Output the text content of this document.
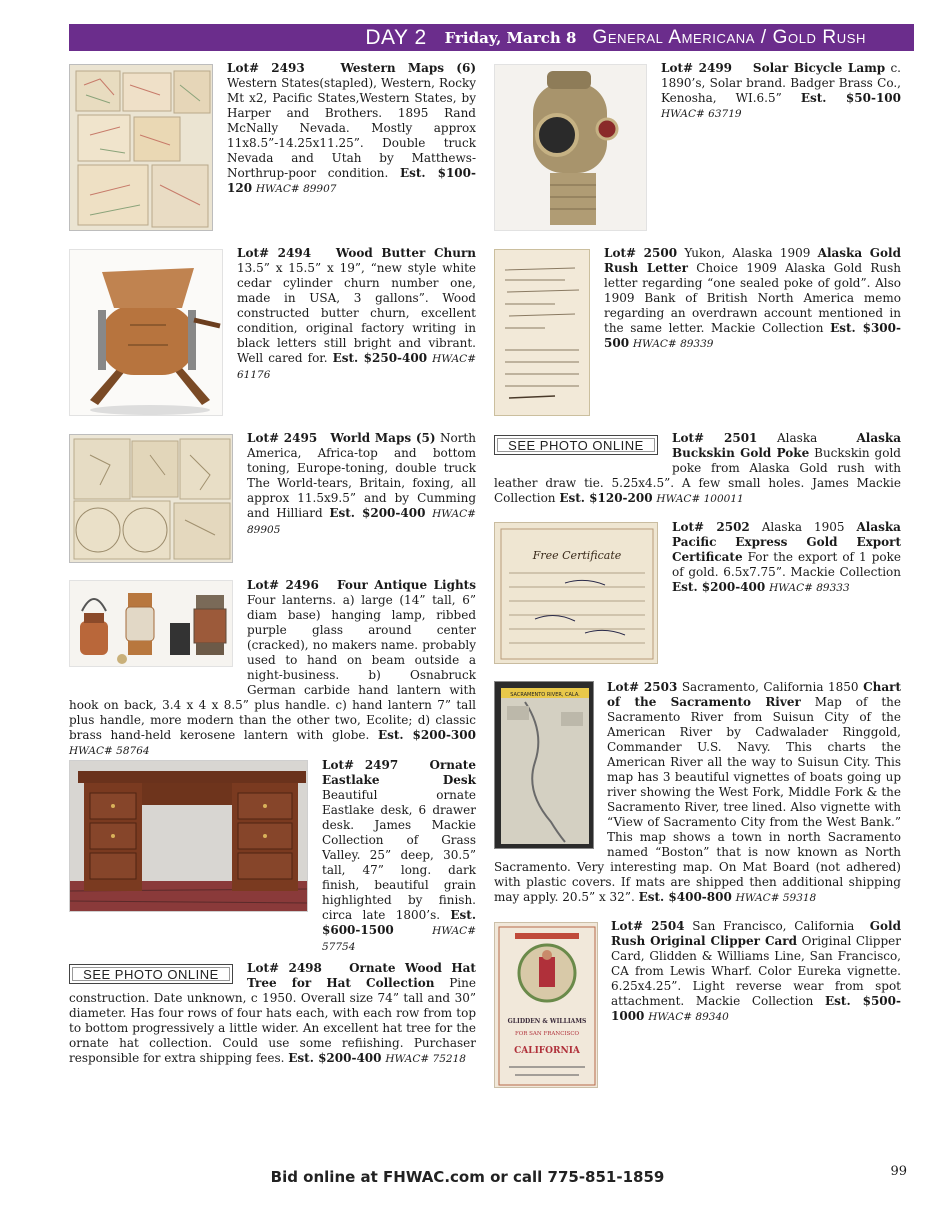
DAY 2 Friday, March 8 General Americana / Gold Rush
Lot# 2493	Western Maps (6) Western States(stapled), Western, Rocky Mt x2, Pacific States,Western States, by Harper and Brothers. 1895 Rand McNally Nevada. Mostly approx 11x8.5”-14.25x11.25”. Double truck Nevada and Utah by Matthews-Northrup-poor condition. Est. $100-120 HWAC# 89907
Lot# 2494 Wood Butter Churn 13.5” x 15.5” x 19”, “new style white cedar cylinder churn number one, made in USA, 3 gallons”. Wood constructed butter churn, excellent condition, original factory writing in black letters still bright and vibrant. Well cared for. Est. $250-400 HWAC# 61176
Lot# 2495 World Maps (5) North America, Africa-top and bottom toning, Europe-toning, double truck The World-tears, Britain, foxing, all approx 11.5x9.5” and by Cumming and Hilliard Est. $200-400 HWAC# 89905
Lot# 2496 Four Antique Lights Four lanterns. a) large (14” tall, 6” diam base) hanging lamp, ribbed purple glass around center (cracked), no makers name. probably used to hand on beam outside a night-business. b) Osnabruck German carbide hand lantern with hook on back, 3.4 x 4 x 8.5” plus handle. c) hand lantern 7” tall plus handle, more modern than the other two, Ecolite; d) classic brass hand-held kerosene lantern with globe. Est. $200-300 HWAC# 58764
Lot# 2497	Ornate Eastlake Desk Beautiful ornate Eastlake desk, 6 drawer desk. James Mackie Collection of Grass Valley. 25” deep, 30.5” tall, 47” long. dark finish, beautiful grain highlighted by finish. circa late 1800’s. Est. $600-1500	HWAC# 57754
SEE PHOTO ONLINE	Lot# 2498 Ornate Wood Hat Tree for Hat Collection Pine construction. Date unknown, c 1950. Overall size 74” tall and 30” diameter. Has four rows of four hats each, with each row from top to bottom progressively a little wider. An excellent hat tree for the ornate hat collection. Could use some refiishing. Purchaser responsible for extra shipping fees. Est. $200-400 HWAC# 75218
Lot# 2499 Solar Bicycle Lamp c. 1890’s, Solar brand. Badger Brass Co., Kenosha, WI.6.5” Est. $50-100 HWAC# 63719
Lot# 2500 Yukon, Alaska 1909 Alaska Gold Rush Letter Choice 1909 Alaska Gold Rush letter regarding “one sealed poke of gold”. Also 1909 Bank of British North America memo regarding an overdrawn account mentioned in the same letter. Mackie Collection Est. $300-500 HWAC# 89339
SEE PHOTO ONLINE	Lot# 2501 Alaska	Alaska Buckskin Gold Poke Buckskin gold poke from Alaska Gold rush with leather draw tie. 5.25x4.5”. A few small holes. James Mackie Collection Est. $120-200 HWAC# 100011
Free Certificate
Lot# 2502 Alaska 1905 Alaska Pacific Express Gold Export Certificate For the export of 1 poke of gold. 6.5x7.75”. Mackie Collection Est. $200-400 HWAC# 89333
SACRAMENTO RIVER, CALA.
Lot# 2503 Sacramento, California 1850 Chart of the Sacramento River Map of the Sacramento River from Suisun City of the American River by Cadwalader Ringgold, Commander U.S. Navy. This charts the American River all the way to Suisun City. This map has 3 beautiful vignettes of boats going up river showing the West Fork, Middle Fork & the Sacramento River, tree lined. Also vignette with “View of Sacramento City from the West Bank.” This map shows a town in north Sacramento named “Boston” that is now known as North Sacramento. Very interesting map. On Mat Board (not adhered) with plastic covers. If mats are shipped then additional shipping may apply. 20.5” x 32”. Est. $400-800 HWAC# 59318
GLIDDEN & WILLIAMS
FOR SAN FRANCISCO
CALIFORNIA
Lot# 2504 San Francisco, California Gold Rush Original Clipper Card Original Clipper Card, Glidden & Williams Line, San Francisco, CA from Lewis Wharf. Color Eureka vignette. 6.25x4.25”. Light reverse wear from spot attachment. Mackie Collection Est. $500-1000 HWAC# 89340
Bid online at FHWAC.com or call 775-851-1859	99
